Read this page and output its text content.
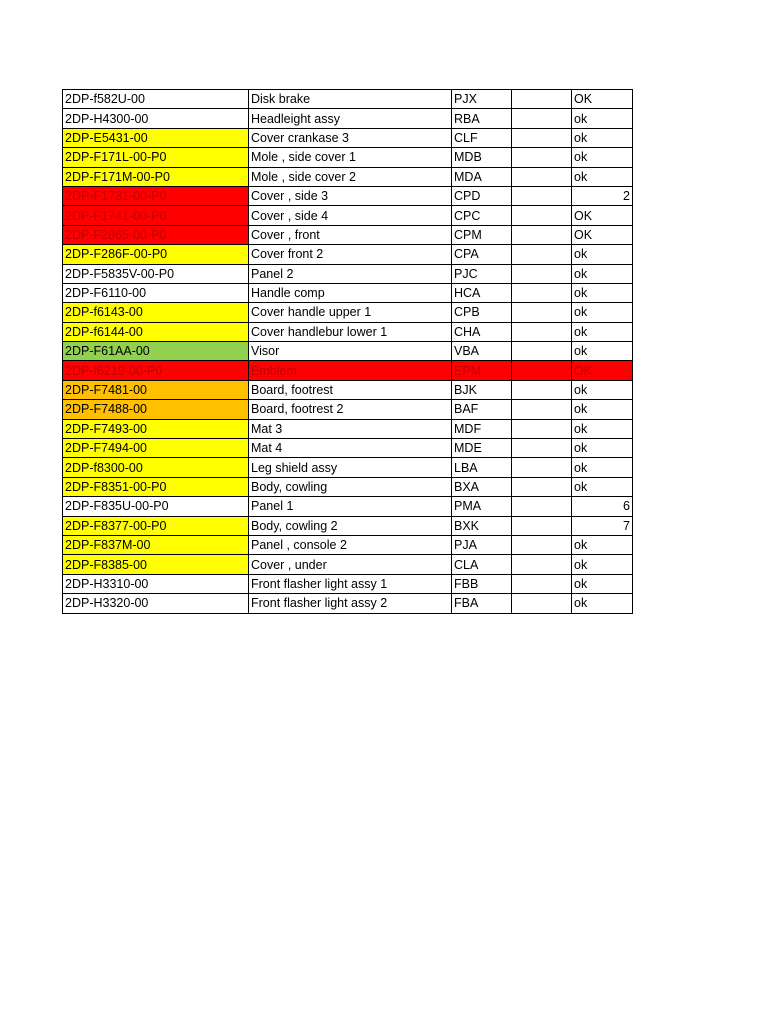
2DP-f582U-00	Disk brake	PJX		OK
2DP-H4300-00	Headleight assy	RBA		ok
2DP-E5431-00	Cover crankase 3	CLF		ok
2DP-F171L-00-P0	Mole , side cover 1	MDB		ok
2DP-F171M-00-P0	Mole , side cover 2	MDA		ok
2DP-F1731-00-P0	Cover , side 3	CPD		2
2DP-F1741-00-P0	Cover , side 4	CPC		OK
2DP-F2865-00-P0	Cover , front	CPM		OK
2DP-F286F-00-P0	Cover front 2	CPA		ok
2DP-F5835V-00-P0	Panel 2	PJC		ok
2DP-F6110-00	Handle comp	HCA		ok
2DP-f6143-00	Cover handle upper 1	CPB		ok
2DP-f6144-00	Cover handlebur lower 1	CHA		ok
2DP-F61AA-00	Visor	VBA		ok
2DP-f6219-00-P0	Emblem	EPM		OK
2DP-F7481-00	Board, footrest	BJK		ok
2DP-F7488-00	Board, footrest 2	BAF		ok
2DP-F7493-00	Mat 3	MDF		ok
2DP-F7494-00	Mat 4	MDE		ok
2DP-f8300-00	Leg shield assy	LBA		ok
2DP-F8351-00-P0	Body, cowling	BXA		ok
2DP-F835U-00-P0	Panel 1	PMA		6
2DP-F8377-00-P0	Body, cowling 2	BXK		7
2DP-F837M-00	Panel , console 2	PJA		ok
2DP-F8385-00	Cover , under	CLA		ok
2DP-H3310-00	Front flasher light assy 1	FBB		ok
2DP-H3320-00	Front flasher light assy 2	FBA		ok
